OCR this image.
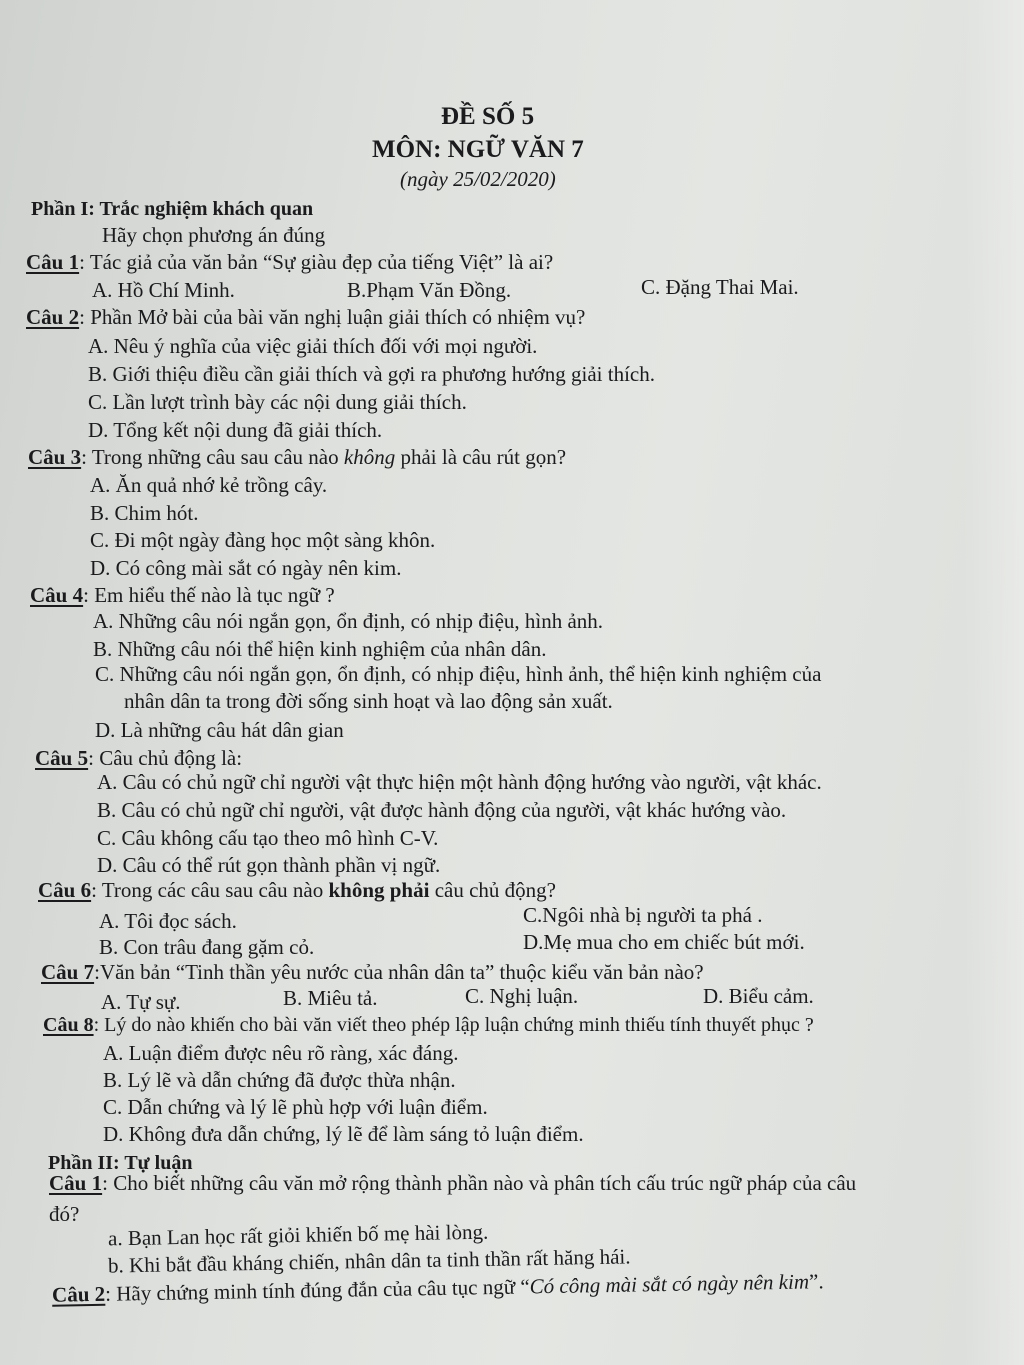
ĐỀ SỐ 5
MÔN: NGỮ VĂN 7
(ngày 25/02/2020)
Phần I: Trắc nghiệm khách quan
Hãy chọn phương án đúng
Câu 1: Tác giả của văn bản “Sự giàu đẹp của tiếng Việt” là ai?
A. Hồ Chí Minh.	B.Phạm Văn Đồng.	C. Đặng Thai Mai.
Câu 2: Phần Mở bài của bài văn nghị luận giải thích có nhiệm vụ?
A. Nêu ý nghĩa của việc giải thích đối với mọi người.
B. Giới thiệu điều cần giải thích và gợi ra phương hướng giải thích.
C. Lần lượt trình bày các nội dung giải thích.
D. Tổng kết nội dung đã giải thích.
Câu 3: Trong những câu sau câu nào không phải là câu rút gọn?
A. Ăn quả nhớ kẻ trồng cây.
B. Chim hót.
C. Đi một ngày đàng học một sàng khôn.
D. Có công mài sắt có ngày nên kim.
Câu 4: Em hiểu thế nào là tục ngữ ?
A. Những câu nói ngắn gọn, ổn định, có nhịp điệu, hình ảnh.
B. Những câu nói thể hiện kinh nghiệm của nhân dân.
C. Những câu nói ngắn gọn, ổn định, có nhịp điệu, hình ảnh, thể hiện kinh nghiệm của
nhân dân ta trong đời sống sinh hoạt và lao động sản xuất.
D. Là những câu hát dân gian
Câu 5: Câu chủ động là:
A. Câu có chủ ngữ chỉ người vật thực hiện một hành động hướng vào người, vật khác.
B. Câu có chủ ngữ chỉ người, vật được hành động của người, vật khác hướng vào.
C. Câu không cấu tạo theo mô hình C-V.
D. Câu có thể rút gọn thành phần vị ngữ.
Câu 6: Trong các câu sau câu nào không phải câu chủ động?
A. Tôi đọc sách.	C.Ngôi nhà bị người ta phá .
B. Con trâu đang gặm cỏ.	D.Mẹ mua cho em chiếc bút mới.
Câu 7:Văn bản “Tinh thần yêu nước của nhân dân ta” thuộc kiểu văn bản nào?
A. Tự sự.	B. Miêu tả.	C. Nghị luận.	D. Biểu cảm.
Câu 8: Lý do nào khiến cho bài văn viết theo phép lập luận chứng minh thiếu tính thuyết phục ?
A. Luận điểm được nêu rõ ràng, xác đáng.
B. Lý lẽ và dẫn chứng đã được thừa nhận.
C. Dẫn chứng và lý lẽ phù hợp với luận điểm.
D. Không đưa dẫn chứng, lý lẽ để làm sáng tỏ luận điểm.
Phần II: Tự luận
Câu 1: Cho biết những câu văn mở rộng thành phần nào và phân tích cấu trúc ngữ pháp của câu
đó?
a. Bạn Lan học rất giỏi khiến bố mẹ hài lòng.
b. Khi bắt đầu kháng chiến, nhân dân ta tinh thần rất hăng hái.
Câu 2: Hãy chứng minh tính đúng đắn của câu tục ngữ “Có công mài sắt có ngày nên kim”.
